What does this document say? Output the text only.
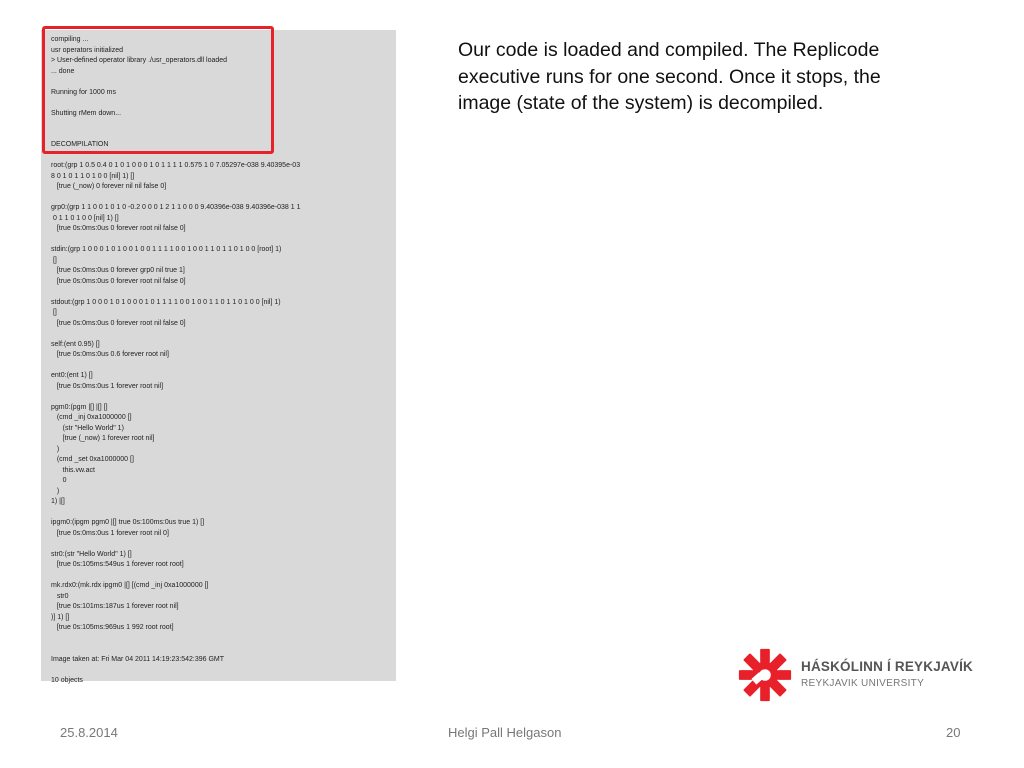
compiling ...
usr operators initialized
> User-defined operator library ./usr_operators.dll loaded
... done
Running for 1000 ms
Shutting rMem down...
DECOMPILATION
root:(grp 1 0.5 0.4 0 1 0 1 0 0 0 1 0 1 1 1 1 0.575 1 0 7.05297e-038 9.40395e-03
8 0 1 0 1 1 0 1 0 0 [nil] 1) []
[true (_now) 0 forever nil nil false 0]
grp0:(grp 1 1 0 0 1 0 1 0 -0.2 0 0 0 1 2 1 1 0 0 0 9.40396e-038 9.40396e-038 1 1
0 1 1 0 1 0 0 [nil] 1) []
[true 0s:0ms:0us 0 forever root nil false 0]
stdin:(grp 1 0 0 0 1 0 1 0 0 1 0 0 1 1 1 1 0 0 1 0 0 1 1 0 1 1 0 1 0 0 [root] 1)
[]
[true 0s:0ms:0us 0 forever grp0 nil true 1]
[true 0s:0ms:0us 0 forever root nil false 0]
stdout:(grp 1 0 0 0 1 0 1 0 0 0 1 0 1 1 1 1 0 0 1 0 0 1 1 0 1 1 0 1 0 0 [nil] 1)
[]
[true 0s:0ms:0us 0 forever root nil false 0]
self:(ent 0.95) []
[true 0s:0ms:0us 0.6 forever root nil]
ent0:(ent 1) []
[true 0s:0ms:0us 1 forever root nil]
pgm0:(pgm |[] |[] []
(cmd _inj 0xa1000000 []
(str "Hello World" 1)
[true (_now) 1 forever root nil]
)
(cmd _set 0xa1000000 []
this.vw.act
0
)
1) |[]
ipgm0:(ipgm pgm0 |[] true 0s:100ms:0us true 1) []
[true 0s:0ms:0us 1 forever root nil 0]
str0:(str "Hello World" 1) []
[true 0s:105ms:549us 1 forever root root]
mk.rdx0:(mk.rdx ipgm0 |[] [(cmd _inj 0xa1000000 []
str0
[true 0s:101ms:187us 1 forever root nil]
)] 1) []
[true 0s:105ms:969us 1 992 root root]
Image taken at: Fri Mar 04 2011 14:19:23:542:396 GMT
10 objects
Our code is loaded and compiled. The Replicode executive runs for one second. Once it stops, the image (state of the system) is decompiled.
HÁSKÓLINN Í REYKJAVÍK
REYKJAVIK UNIVERSITY
25.8.2014	Helgi Pall Helgason	20
